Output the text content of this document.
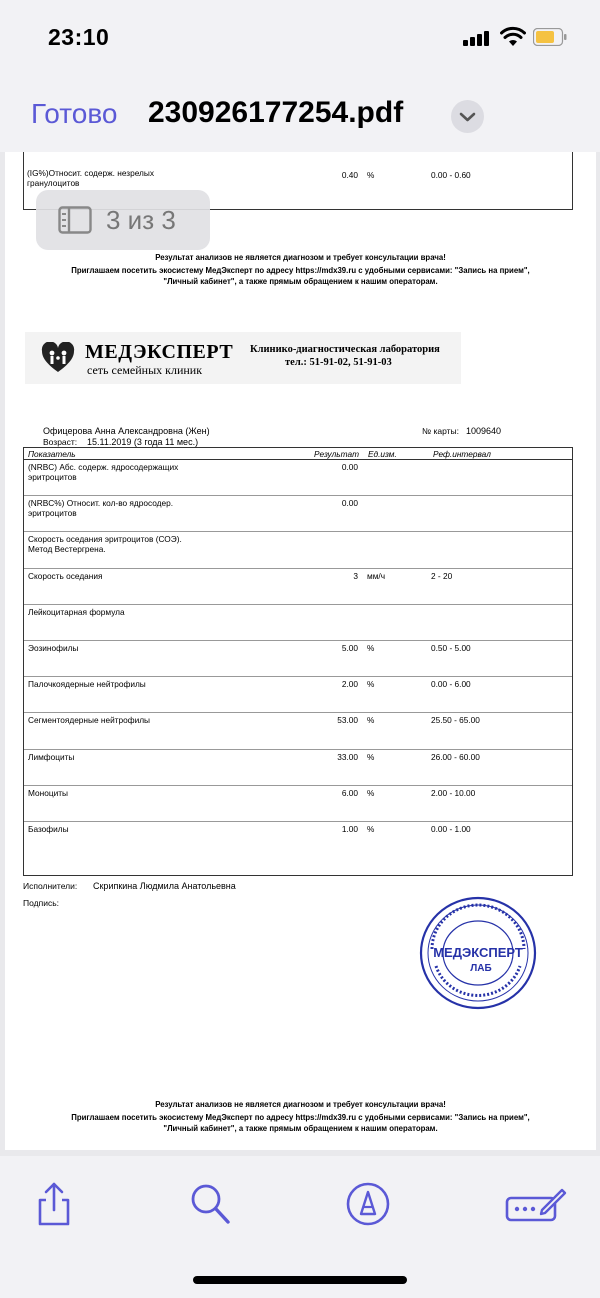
23:10
Готово 230926177254.pdf
(IG%)Относит. содерж. незрелых гранулоцитов
0.40 %	0.00 - 0.60
Результат анализов не является диагнозом и требует консультации врача!
Приглашаем посетить экосистему МедЭксперт по адресу https://mdx39.ru с удобными сервисами: "Запись на прием",
"Личный кабинет", а также прямым обращением к нашим операторам.
3 из 3
МЕДЭКСПЕРТ
сеть семейных клиник
Клинико-диагностическая лаборатория
тел.: 51-91-02, 51-91-03
Офицерова Анна Александровна (Жен)	№ карты: 1009640
Возраст: 15.11.2019 (3 года 11 мес.)
Показатель	Результат Ед.изм.	Реф.интервал
(NRBC) Абс. содерж. ядросодержащих
эритроцитов
0.00
(NRBC%) Относит. кол-во ядросодер.
эритроцитов
0.00
Скорость оседания эритроцитов (СОЭ).
Метод Вестергрена.
Скорость оседания	3 мм/ч	2 - 20
Лейкоцитарная формула
Эозинофилы	5.00 %	0.50 - 5.00
Палочкоядерные нейтрофилы	2.00 %	0.00 - 6.00
Сегментоядерные нейтрофилы	53.00 %	25.50 - 65.00
Лимфоциты	33.00 %	26.00 - 60.00
Моноциты	6.00 %	2.00 - 10.00
Базофилы	1.00 %	0.00 - 1.00
Исполнители: Скрипкина Людмила Анатольевна
Подпись:
МЕДЭКСПЕРТ
ЛАБ
Результат анализов не является диагнозом и требует консультации врача!
Приглашаем посетить экосистему МедЭксперт по адресу https://mdx39.ru с удобными сервисами: "Запись на прием",
"Личный кабинет", а также прямым обращением к нашим операторам.
